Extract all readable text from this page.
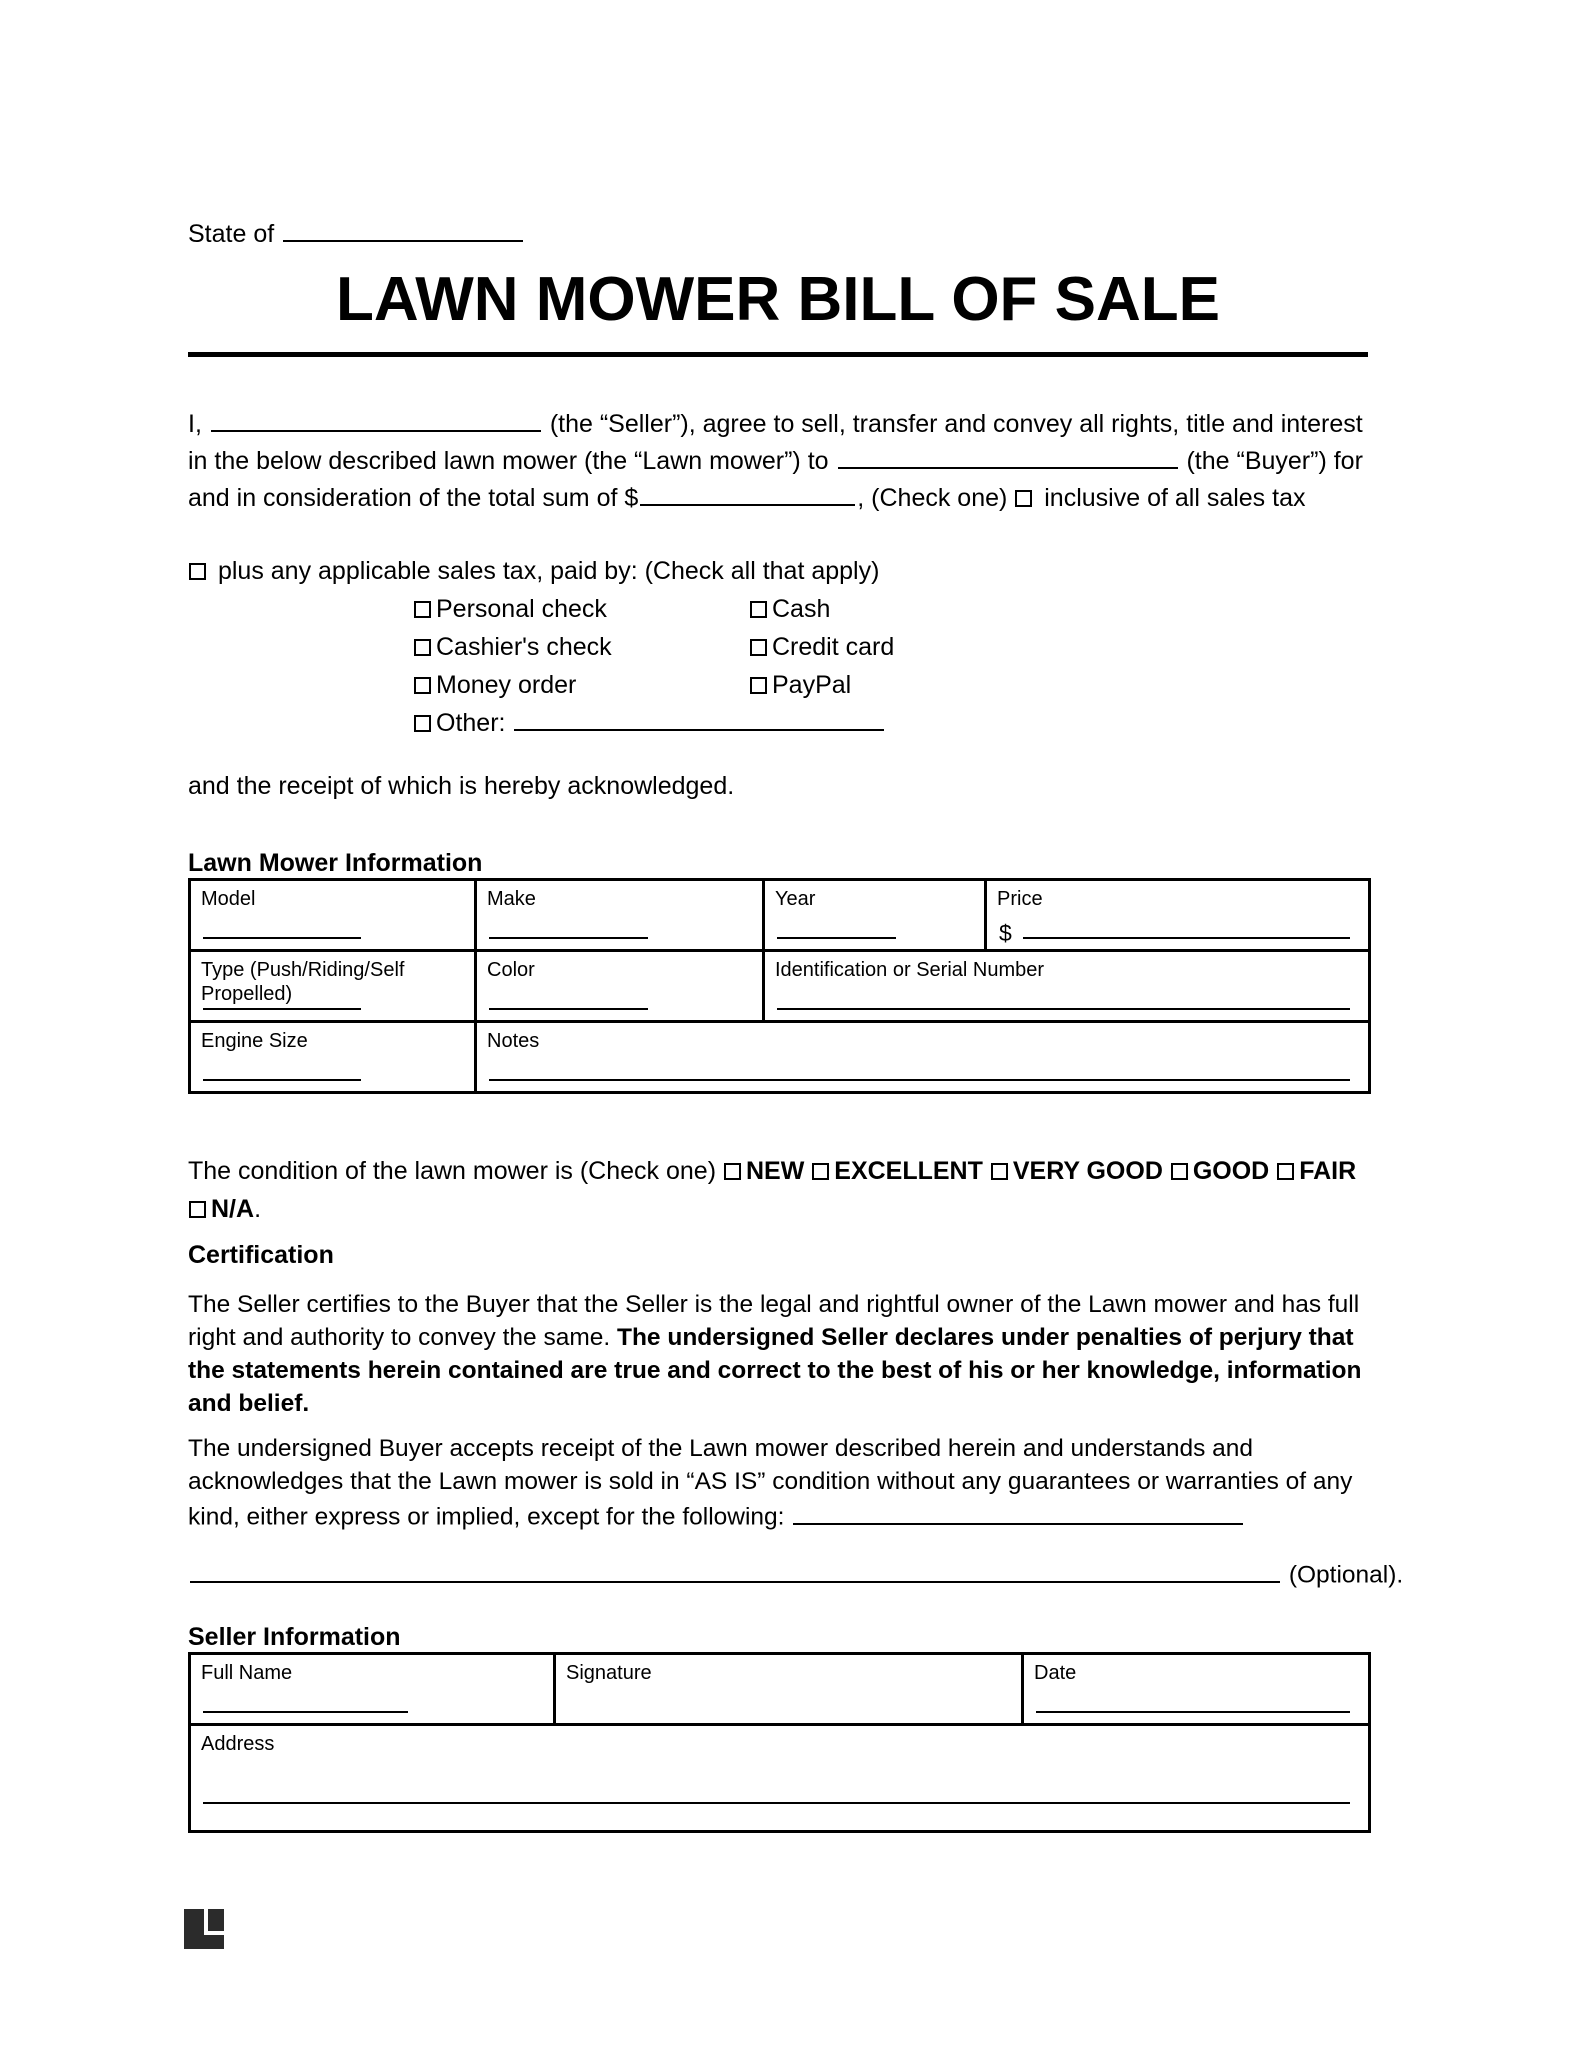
State of
LAWN MOWER BILL OF SALE
I,	(the “Seller”), agree to sell, transfer and convey all rights, title and interest in the below described lawn mower (the “Lawn mower”) to	(the “Buyer”) for and in consideration of the total sum of $	, (Check one) inclusive of all sales tax
plus any applicable sales tax, paid by: (Check all that apply)
Personal check	Cash
Cashier's check	Credit card
Money order	PayPal
Other:
and the receipt of which is hereby acknowledged.
Lawn Mower Information
Model	Make	Year	Price
$

Type (Push/Riding/Self Propelled)	Color	Identification or Serial Number	

Engine Size	Notes		
The condition of the lawn mower is (Check one) NEW EXCELLENT VERY GOOD GOOD FAIR N/A.
Certification
The Seller certifies to the Buyer that the Seller is the legal and rightful owner of the Lawn mower and has full right and authority to convey the same. The undersigned Seller declares under penalties of perjury that the statements herein contained are true and correct to the best of his or her knowledge, information and belief.
The undersigned Buyer accepts receipt of the Lawn mower described herein and understands and acknowledges that the Lawn mower is sold in “AS IS” condition without any guarantees or warranties of any kind, either express or implied, except for the following:
(Optional).
Seller Information
Full Name	Signature	Date

Address
